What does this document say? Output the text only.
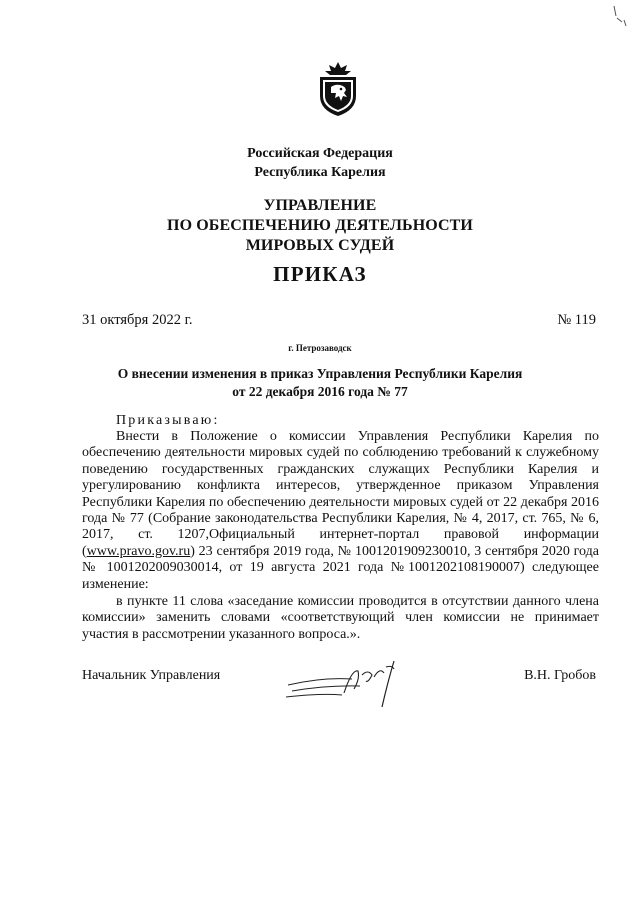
Российская Федерация
Республика Карелия
УПРАВЛЕНИЕ
ПО ОБЕСПЕЧЕНИЮ ДЕЯТЕЛЬНОСТИ
МИРОВЫХ СУДЕЙ
ПРИКАЗ
31 октября 2022 г.	№ 119
г. Петрозаводск
О внесении изменения в приказ Управления Республики Карелия
от 22 декабря 2016 года № 77
Приказываю:
Внести в Положение о комиссии Управления Республики Карелия по обеспечению деятельности мировых судей по соблюдению требований к служебному поведению государственных гражданских служащих Республики Карелия и урегулированию конфликта интересов, утвержденное приказом Управления Республики Карелия по обеспечению деятельности мировых судей от 22 декабря 2016 года № 77 (Собрание законодательства Республики Карелия, № 4, 2017, ст. 765, № 6, 2017, ст. 1207,Официальный интернет-портал правовой информации (www.pravo.gov.ru) 23 сентября 2019 года, № 1001201909230010, 3 сентября 2020 года № 1001202009030014, от 19 августа 2021 года №1001202108190007) следующее изменение:
в пункте 11 слова «заседание комиссии проводится в отсутствии данного члена комиссии» заменить словами «соответствующий член комиссии не принимает участия в рассмотрении указанного вопроса.».
Начальник Управления	В.Н. Гробов
